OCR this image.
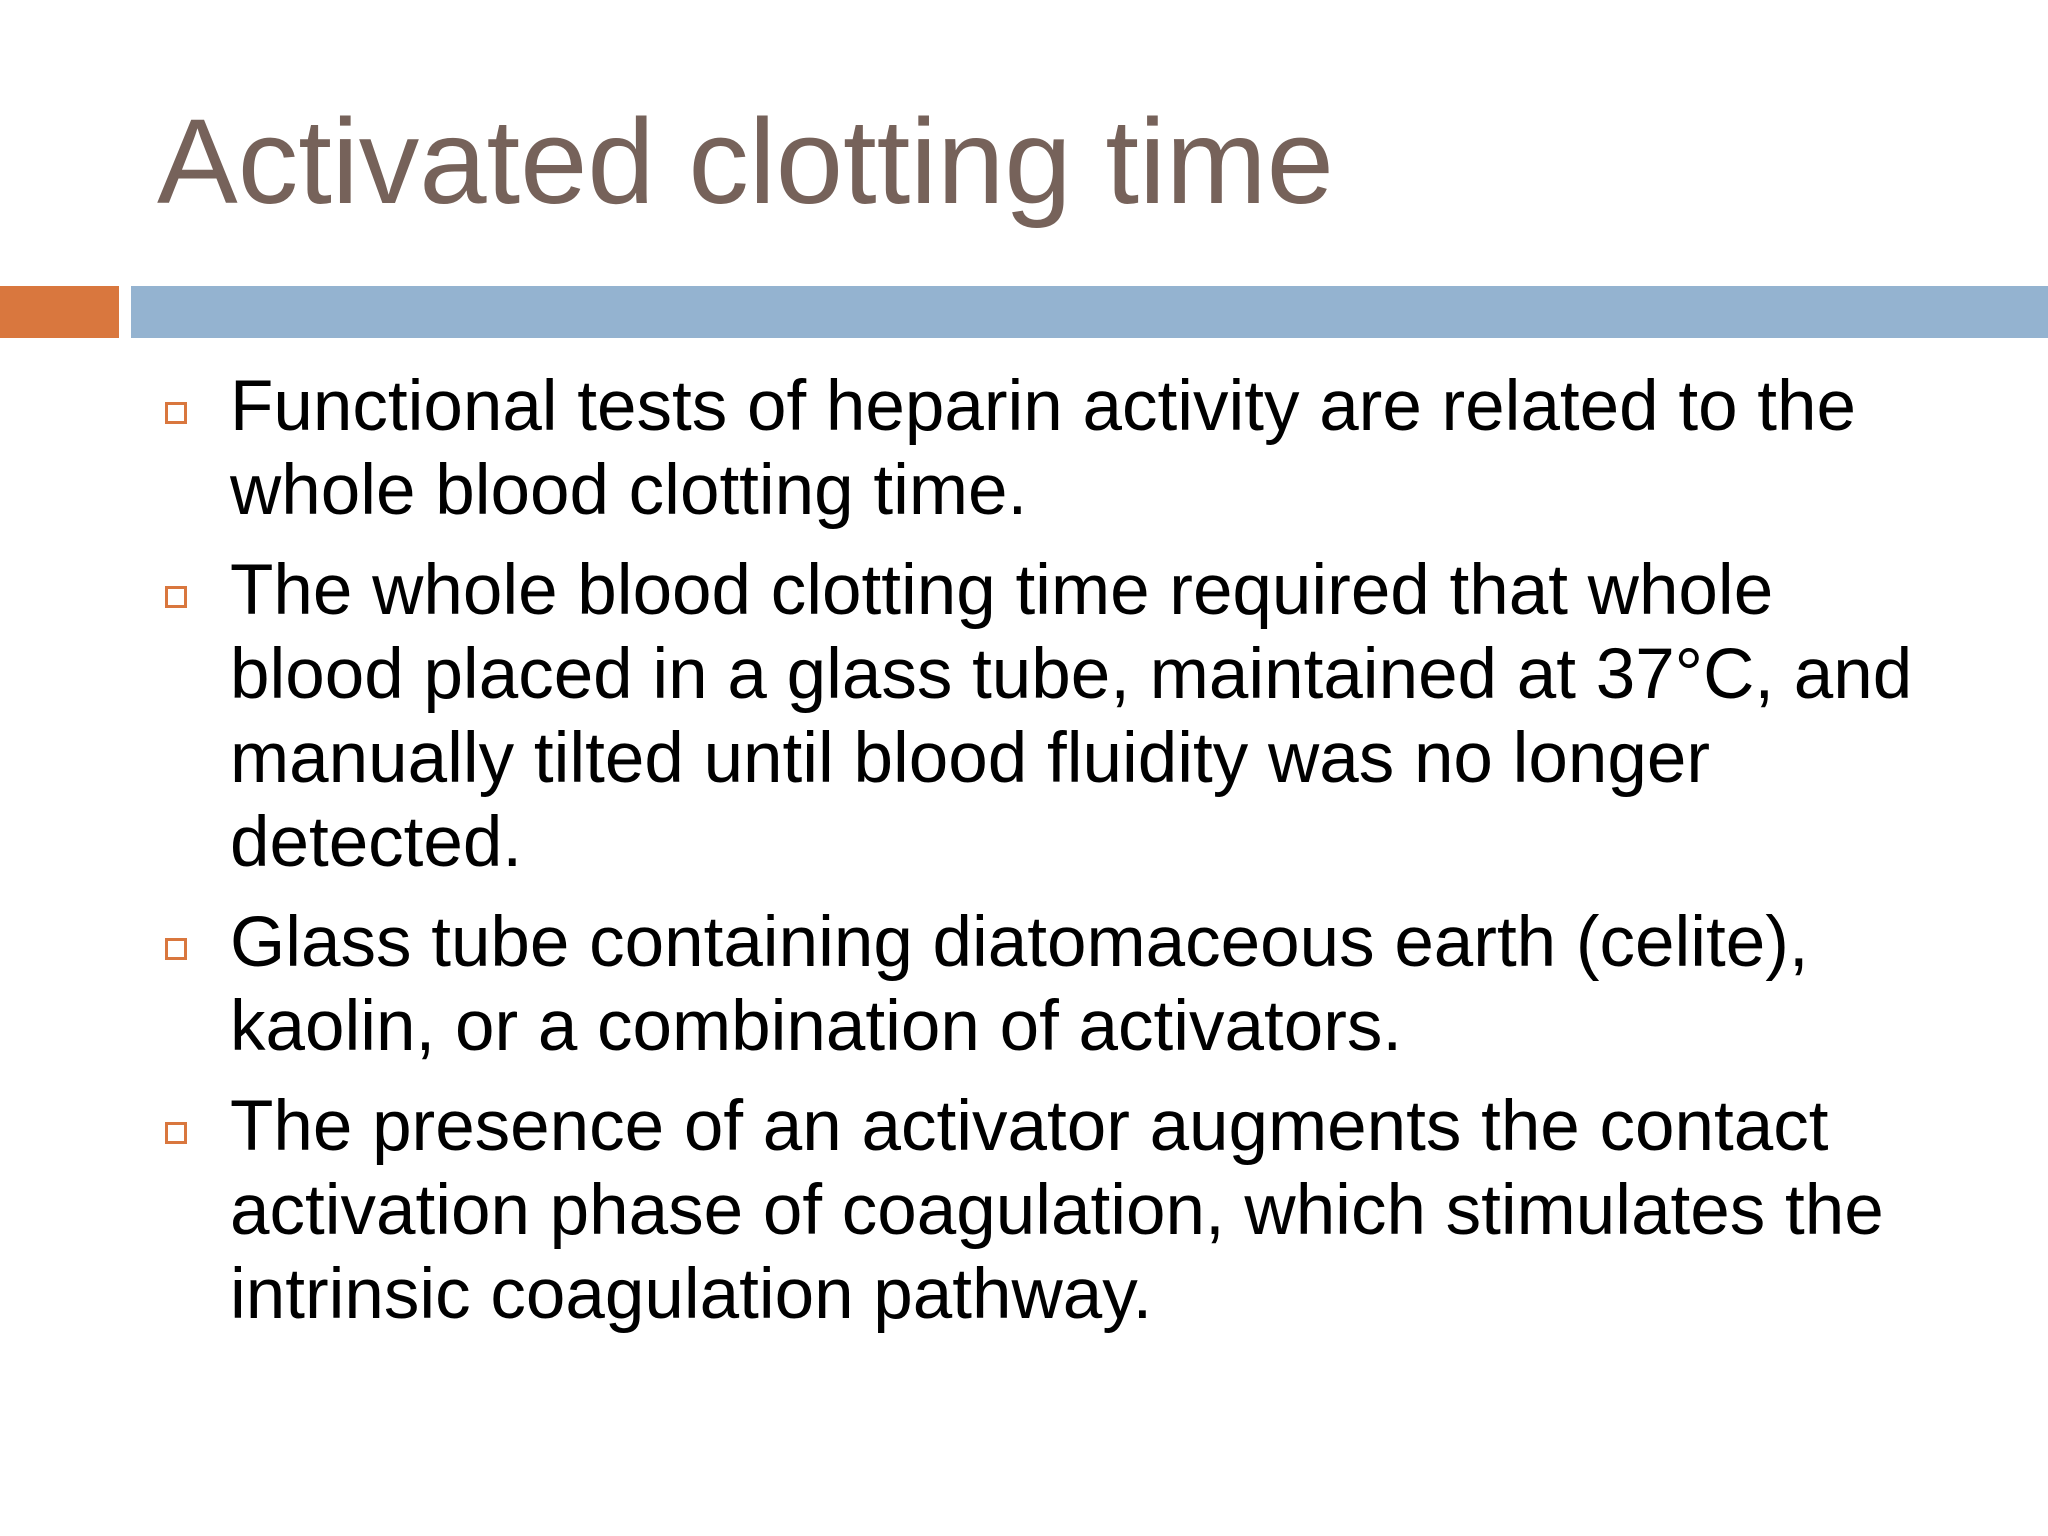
Activated clotting time
Functional tests of heparin activity are related to the whole blood clotting time.
The whole blood clotting time required that whole blood placed in a glass tube, maintained at 37°C, and manually tilted until blood fluidity was no longer detected.
Glass tube containing diatomaceous earth (celite), kaolin, or a combination of activators.
The presence of an activator augments the contact activation phase of coagulation, which stimulates the intrinsic coagulation pathway.
